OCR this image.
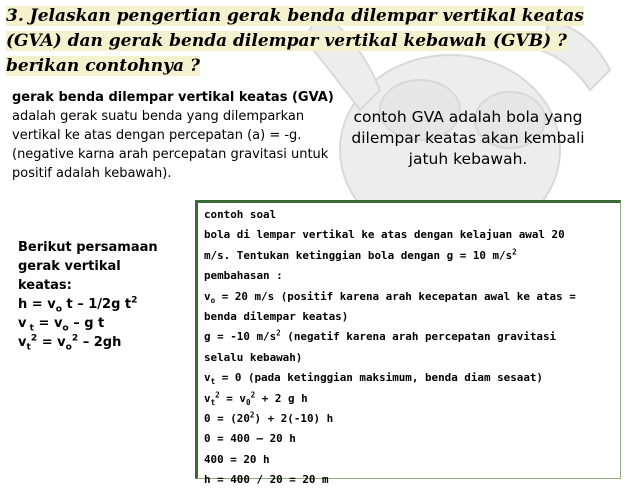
3. Jelaskan pengertian gerak benda dilempar vertikal keatas (GVA) dan gerak benda dilempar vertikal kebawah (GVB) ? berikan contohnya ?

gerak benda dilempar vertikal keatas (GVA) adalah gerak suatu benda yang dilemparkan vertikal ke atas dengan percepatan (a) = -g. (negative karna arah percepatan gravitasi untuk positif adalah kebawah).

contoh GVA adalah bola yang dilempar keatas akan kembali jatuh kebawah.

Berikut persamaan
gerak vertikal
keatas:
$h = v_o$ t – 1/2g $t^2$
v $_t = v_o - g$ t
$v_t^2 = v_o^2 - 2gh$
contoh soal
bola di lempar vertikal ke atas dengan kelajuan awal 20
m/s. Tentukan ketinggian bola dengan g = 10 $m/s^2$
pembahasan :
$v_o = 20$ m/s (positif karena arah kecepatan awal ke atas =
benda dilempar keatas)
g = -10 $m/s^2$ (negatif karena arah percepatan gravitasi
selalu kebawah)
$v_t = 0$ (pada ketinggian maksimum, benda diam sesaat)
$v_t^2 = v_0^2 + 2$ g h
$0 = (20^2) + 2(-10)$ h
0 = 400 – 20 h
400 = 20 h
h = 400 / 20 = 20 m
